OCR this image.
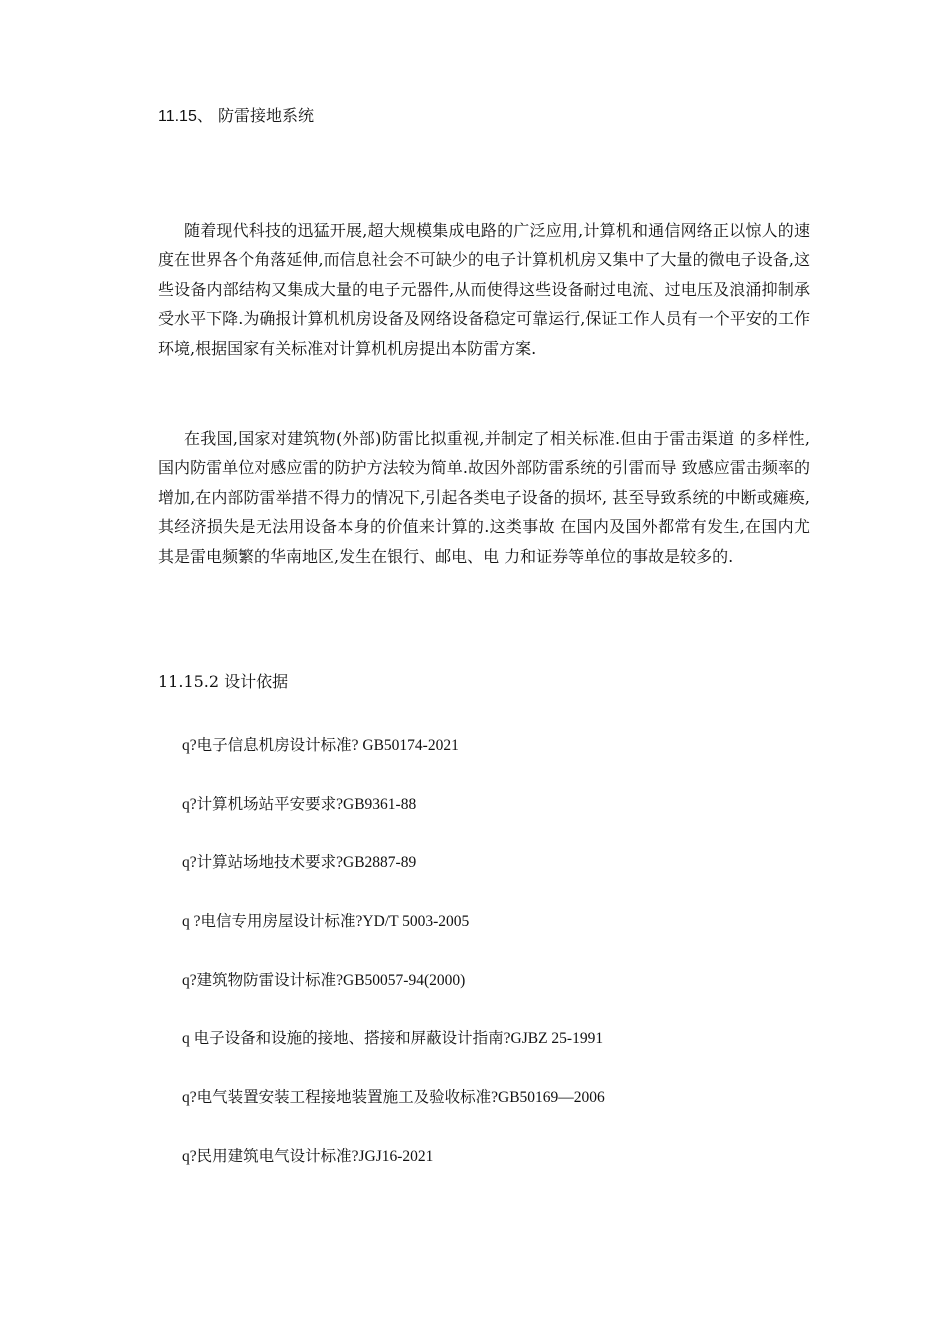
11.15、 防雷接地系统

随着现代科技的迅猛开展,超大规模集成电路的广泛应用,计算机和通信网络正以惊人的速度在世界各个角落延伸,而信息社会不可缺少的电子计算机机房又集中了大量的微电子设备,这些设备内部结构又集成大量的电子元器件,从而使得这些设备耐过电流、过电压及浪涌抑制承受水平下降.为确报计算机机房设备及网络设备稳定可靠运行,保证工作人员有一个平安的工作环境,根据国家有关标准对计算机机房提出本防雷方案.

在我国,国家对建筑物(外部)防雷比拟重视,并制定了相关标准.但由于雷击渠道 的多样性,国内防雷单位对感应雷的防护方法较为简单.故因外部防雷系统的引雷而导 致感应雷击频率的增加,在内部防雷举措不得力的情况下,引起各类电子设备的损坏, 甚至导致系统的中断或瘫痪,其经济损失是无法用设备本身的价值来计算的.这类事故 在国内及国外都常有发生,在国内尤其是雷电频繁的华南地区,发生在银行、邮电、电 力和证券等单位的事故是较多的.

11.15.2 设计依据
q?电子信息机房设计标准? GB50174-2021
q?计算机场站平安要求?GB9361-88
q?计算站场地技术要求?GB2887-89
q ?电信专用房屋设计标准?YD/T 5003-2005
q?建筑物防雷设计标准?GB50057-94(2000)
q 电子设备和设施的接地、搭接和屏蔽设计指南?GJBZ 25-1991
q?电气装置安装工程接地装置施工及验收标准?GB50169—2006
q?民用建筑电气设计标准?JGJ16-2021
